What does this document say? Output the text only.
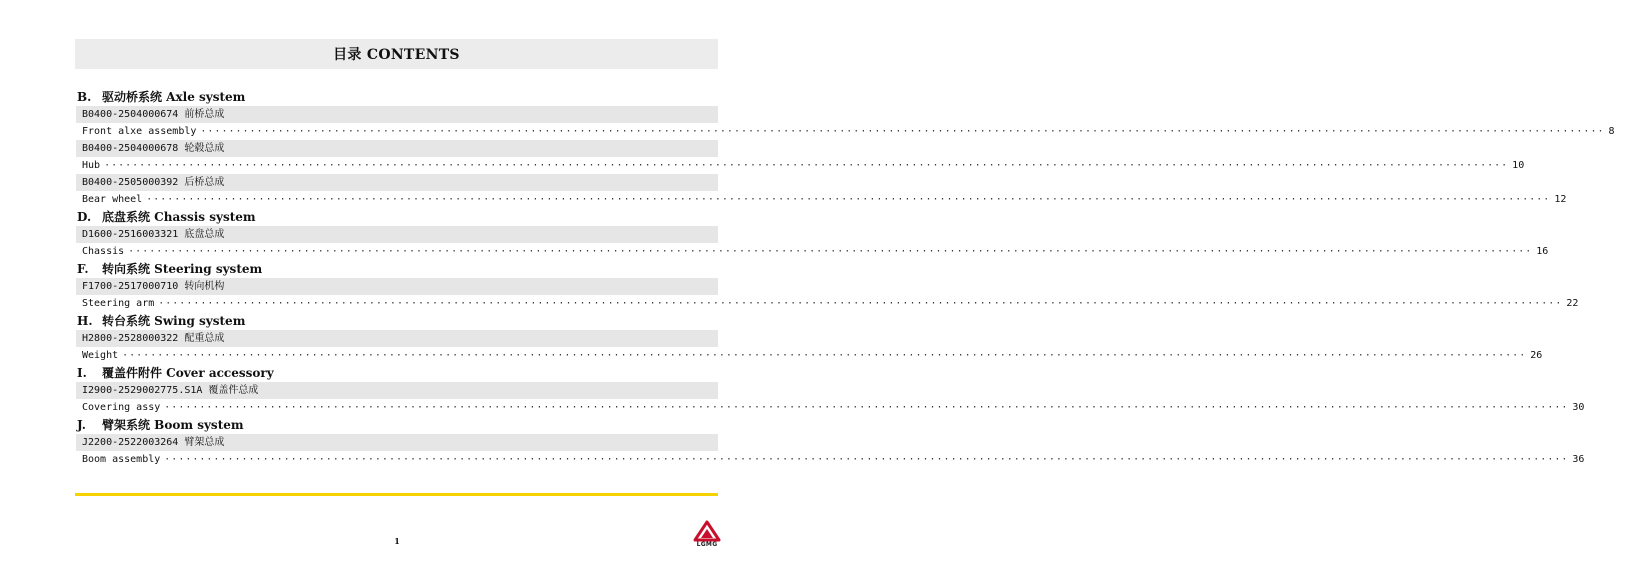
目录 CONTENTS
B. 驱动桥系统 Axle system
B0400-2504000674 前桥总成
Front alxe assembly ········································································································································································································ 8
B0400-2504000678 轮毂总成
Hub ········································································································································································································ 10
B0400-2505000392 后桥总成
Bear wheel ········································································································································································································ 12
D. 底盘系统 Chassis system
D1600-2516003321 底盘总成
Chassis ········································································································································································································ 16
F. 转向系统 Steering system
F1700-2517000710 转向机构
Steering arm ········································································································································································································ 22
H. 转台系统 Swing system
H2800-2528000322 配重总成
Weight ········································································································································································································ 26
I. 覆盖件附件 Cover accessory
I2900-2529002775.S1A 覆盖件总成
Covering assy ········································································································································································································ 30
J. 臂架系统 Boom system
J2200-2522003264 臂架总成
Boom assembly ········································································································································································································ 36
1	LGMG
